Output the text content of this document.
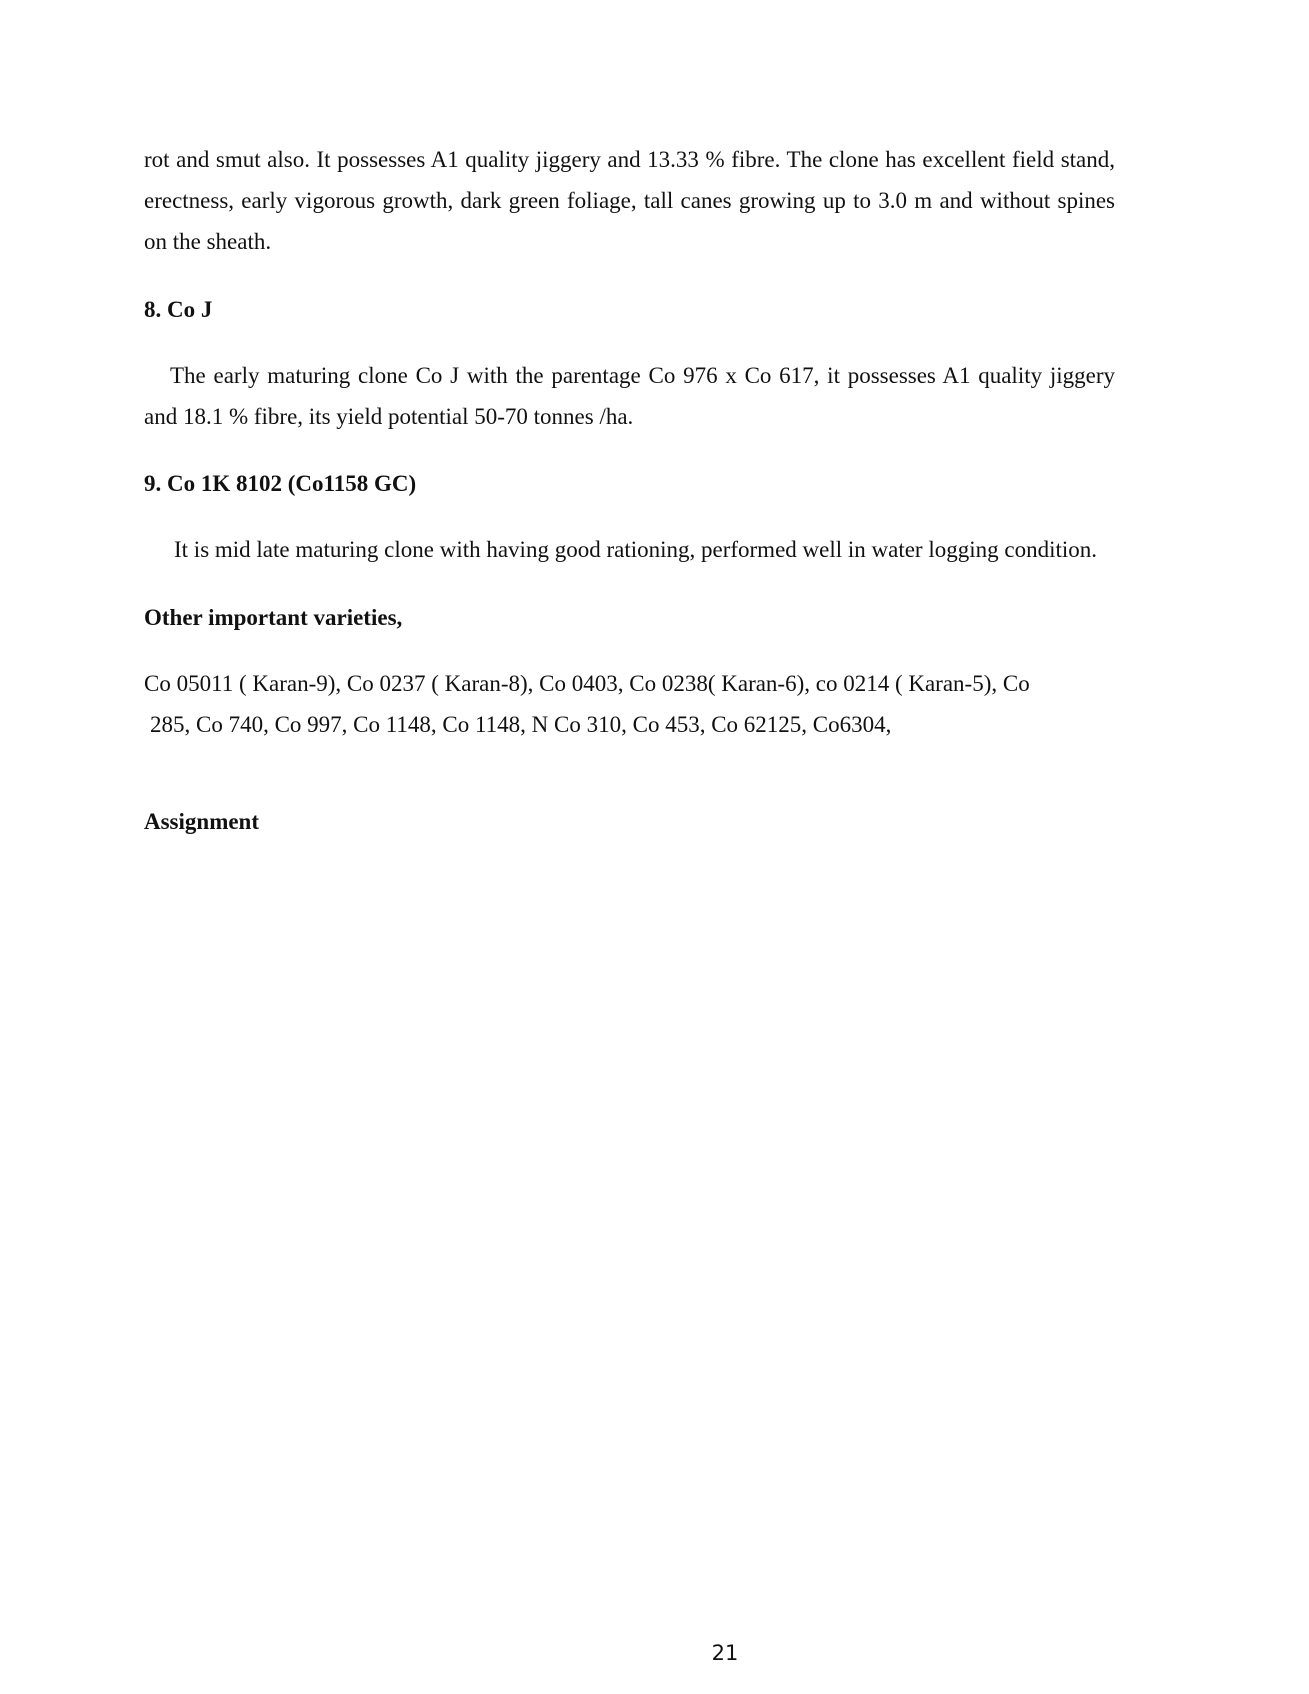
rot and smut also. It possesses A1 quality jiggery and 13.33 % fibre. The clone has excellent field stand,
erectness, early vigorous growth, dark green foliage, tall canes growing up to 3.0 m and without spines
on the sheath.
8. Co J
The early maturing clone Co J with the parentage Co 976 x Co 617, it possesses A1 quality jiggery
and 18.1 % fibre, its yield potential 50-70 tonnes /ha.
9. Co 1K 8102 (Co1158 GC)
It is mid late maturing clone with having good rationing, performed well in water logging condition.
Other important varieties,
Co 05011 ( Karan-9), Co 0237 ( Karan-8), Co 0403, Co 0238( Karan-6), co 0214 ( Karan-5), Co
285, Co 740, Co 997, Co 1148, Co 1148, N Co 310, Co 453, Co 62125, Co6304,
Assignment
21
